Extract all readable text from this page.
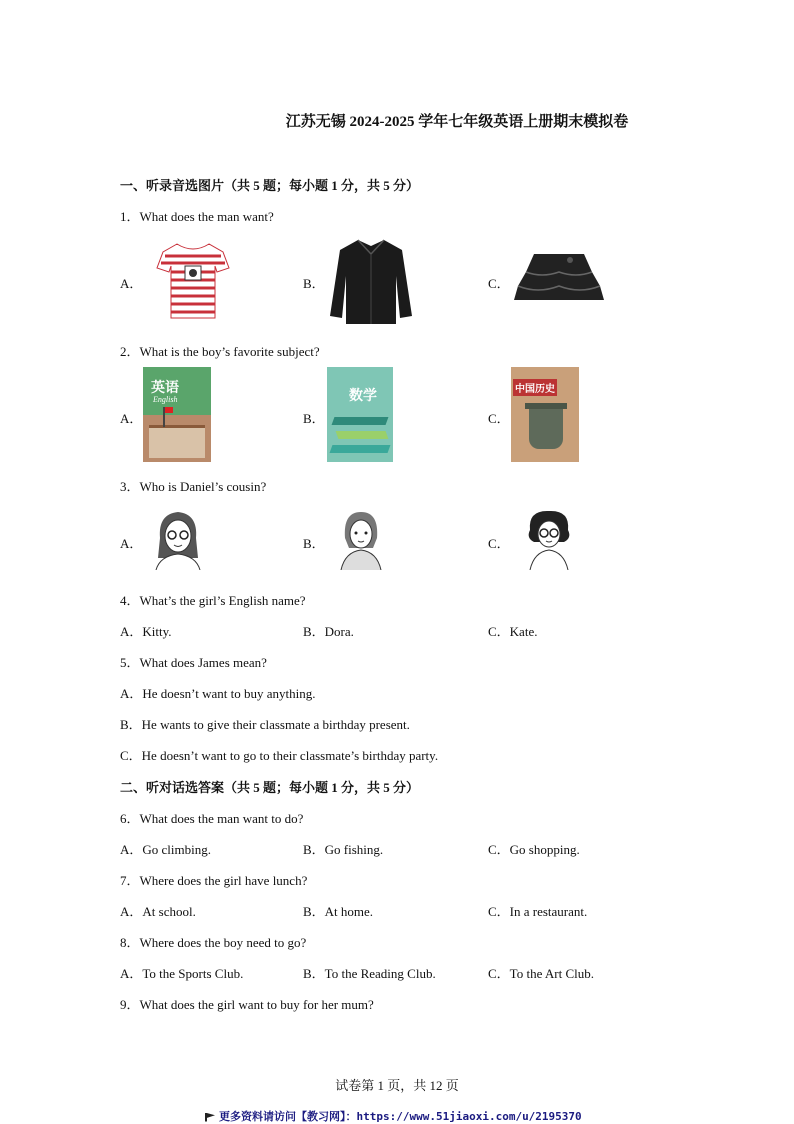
江苏无锡 2024-2025 学年七年级英语上册期末模拟卷
一、听录音选图片（共 5 题；每小题 1 分，共 5 分）
1．What does the man want?
A．	B．	C．
2．What is the boy’s favorite subject?
A．
英语
English
B．
数学
C．
中国历史
3．Who is Daniel’s cousin?
A．	B．	C．
4．What’s the girl’s English name?
A．Kitty.	B．Dora.	C．Kate.
5．What does James mean?
A．He doesn’t want to buy anything.
B．He wants to give their classmate a birthday present.
C．He doesn’t want to go to their classmate’s birthday party.
二、听对话选答案（共 5 题；每小题 1 分，共 5 分）
6．What does the man want to do?
A．Go climbing.	B．Go fishing.	C．Go shopping.
7．Where does the girl have lunch?
A．At school.	B．At home.	C．In a restaurant.
8．Where does the boy need to go?
A．To the Sports Club.	B．To the Reading Club.	C．To the Art Club.
9．What does the girl want to buy for her mum?
试卷第 1 页，共 12 页
更多资料请访问【教习网】：https://www.51jiaoxi.com/u/2195370
